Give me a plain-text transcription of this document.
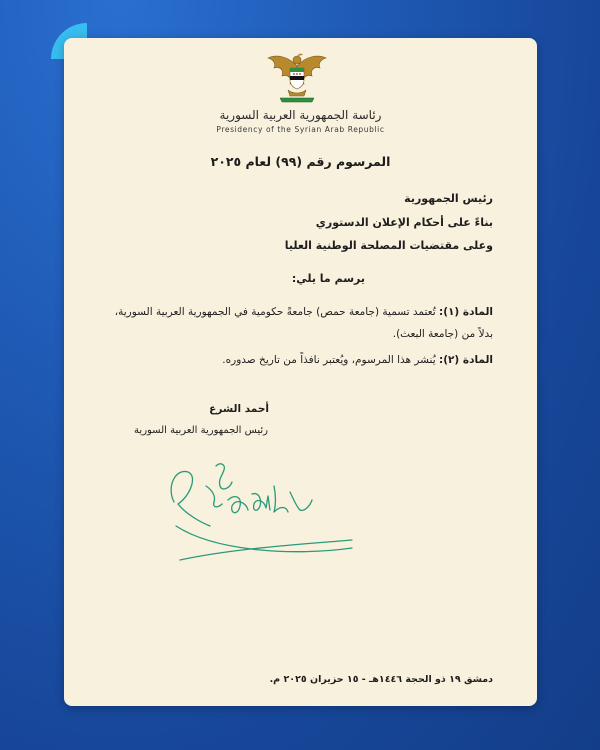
رئاسة الجمهورية العربية السورية
Presidency of the Syrian Arab Republic
المرسوم رقم (٩٩) لعام ٢٠٢٥
رئيس الجمهورية
بناءً على أحكام الإعلان الدستوري
وعلى مقتضيات المصلحة الوطنية العليا
يرسم ما يلي:
المادة (١): تُعتمد تسمية (جامعة حمص) جامعةً حكومية في الجمهورية العربية السورية، بدلاً من (جامعة البعث).
المادة (٢): يُنشر هذا المرسوم، ويُعتبر نافذاً من تاريخ صدوره.
أحمد الشرع
رئيس الجمهورية العربية السورية
دمشق ١٩ ذو الحجة ١٤٤٦هـ - ١٥ حزيران ٢٠٢٥ م.
